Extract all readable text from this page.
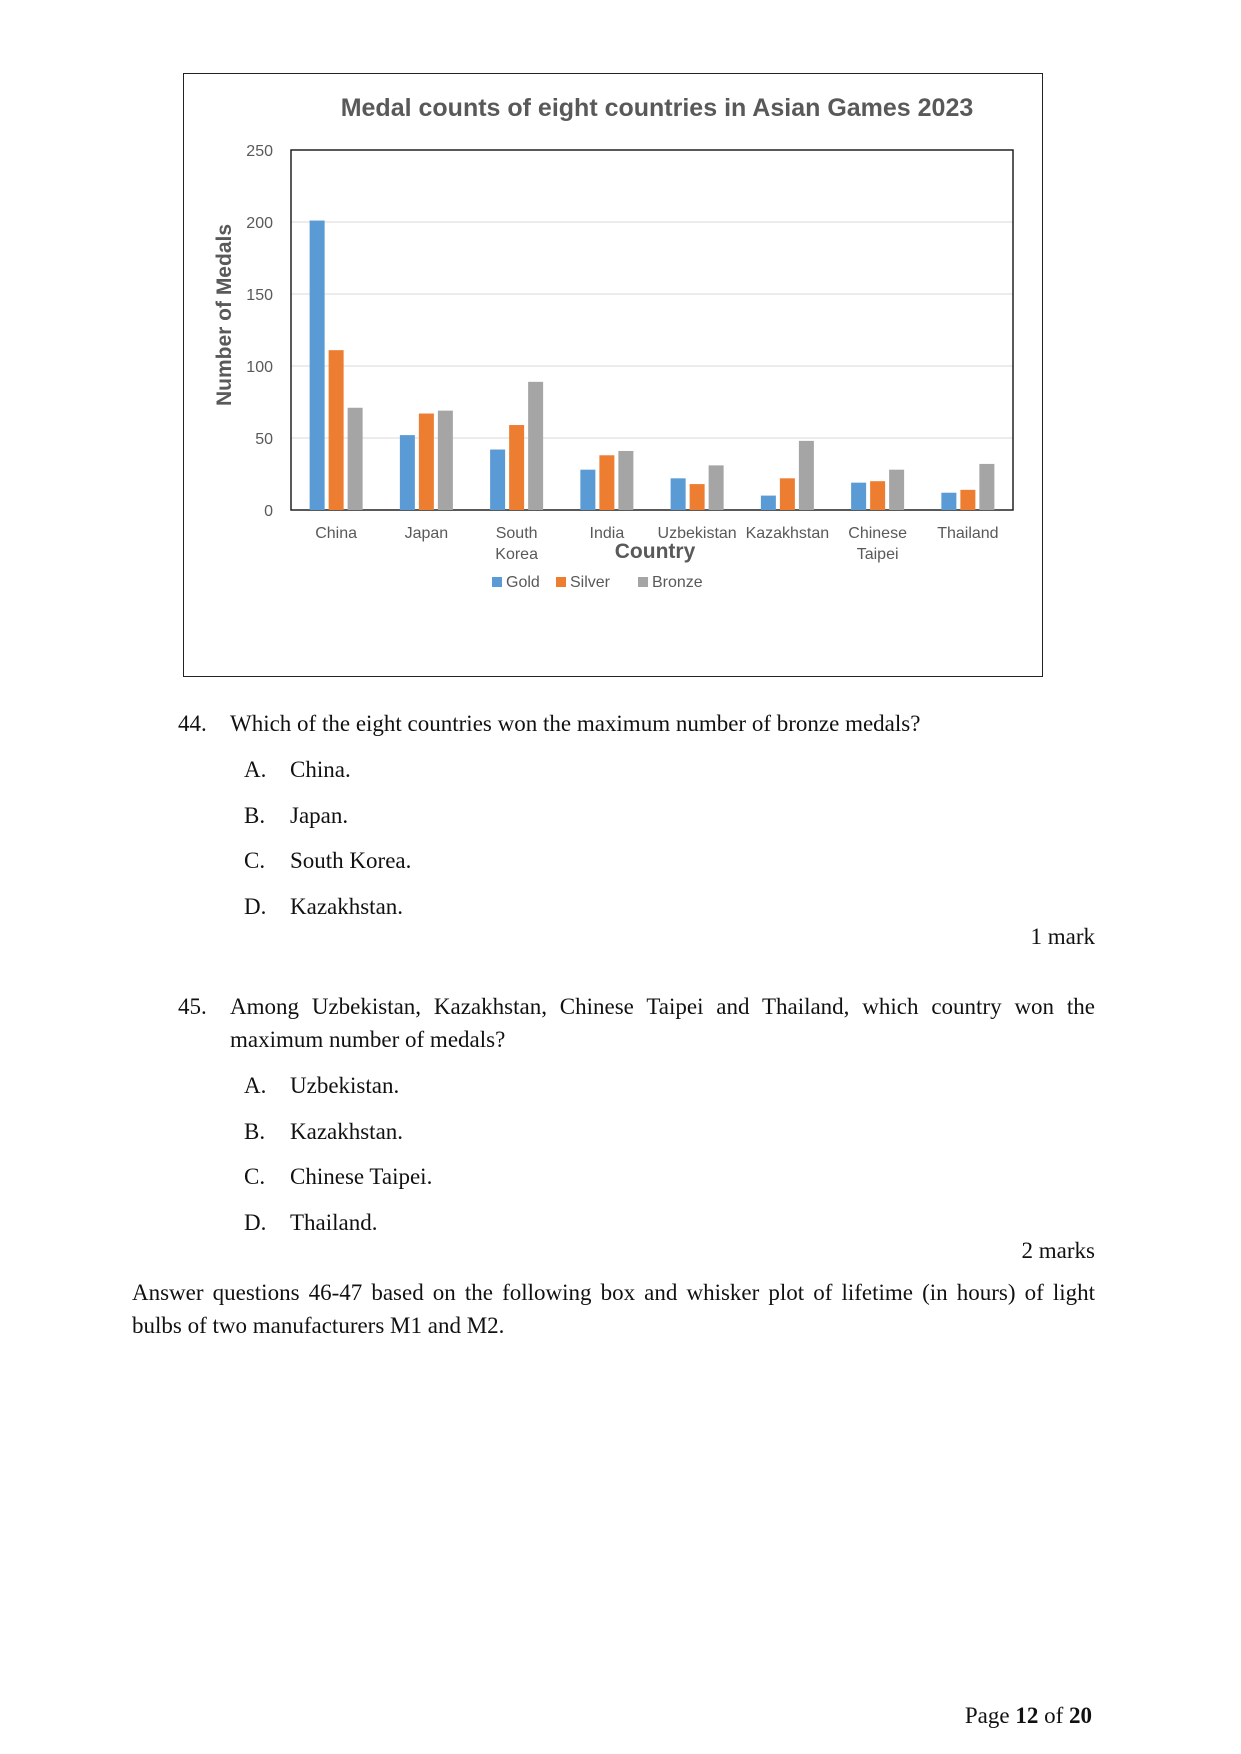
Medal counts of eight countries in Asian Games 2023
0
50
100
150
200
250
China	Japan	South
Korea
India Uzbekistan Kazakhstan Chinese
Taipei
Thailand
Country
Number of Medals
Gold Silver	Bronze
44. Which of the eight countries won the maximum number of bronze medals?
A. China.
B. Japan.
C. South Korea.
D. Kazakhstan.
1 mark
45. Among Uzbekistan, Kazakhstan, Chinese Taipei and Thailand, which country won the maximum number of medals?
A. Uzbekistan.
B. Kazakhstan.
C. Chinese Taipei.
D. Thailand.
2 marks
Answer questions 46-47 based on the following box and whisker plot of lifetime (in hours) of light bulbs of two manufacturers M1 and M2.
Page 12 of 20
